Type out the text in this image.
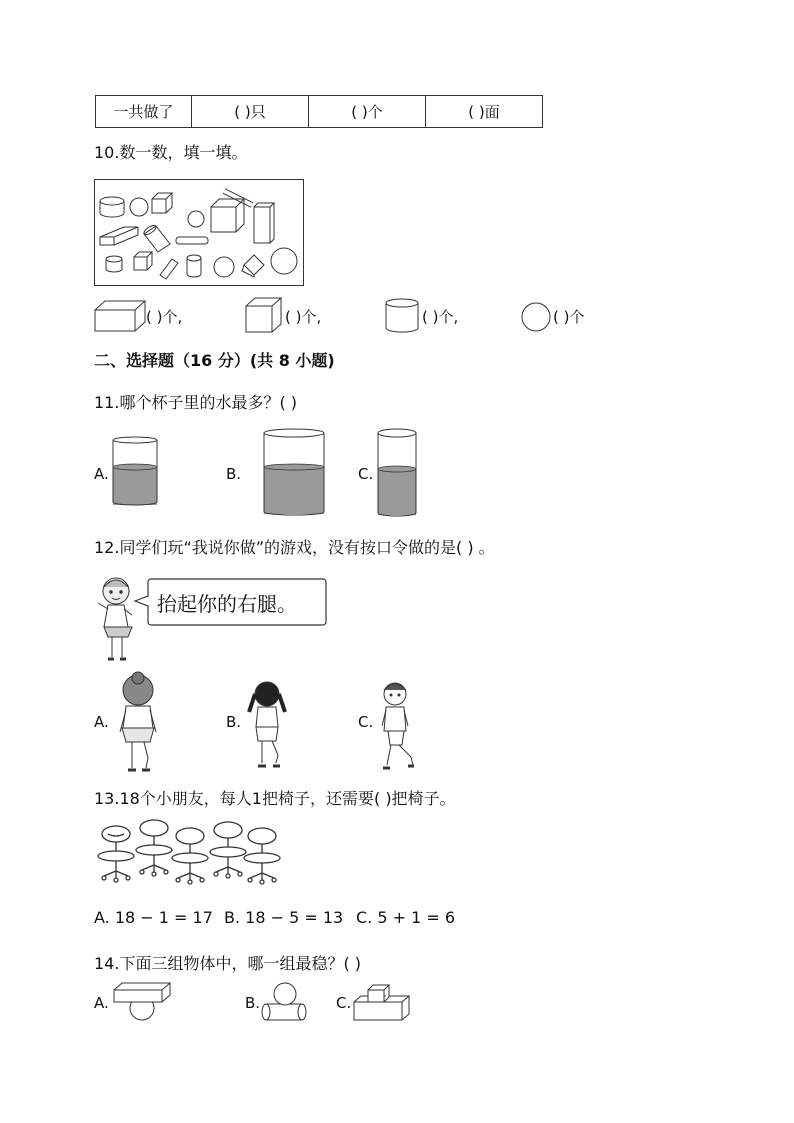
一共做了	( )只	( )个	( )面
10.数一数，填一填。
( )个,	( )个,	( )个,	( )个
二、选择题（16 分）(共 8 小题)
11.哪个杯子里的水最多？( )
A.	B.	C.
12.同学们玩“我说你做”的游戏，没有按口令做的是( ) 。
抬起你的右腿。
A.	B.	C.
13.18个小朋友，每人1把椅子，还需要( )把椅子。
A. 18 − 1 = 17 B. 18 − 5 = 13 C. 5 + 1 = 6
14.下面三组物体中，哪一组最稳？( )
A.	B.	C.
